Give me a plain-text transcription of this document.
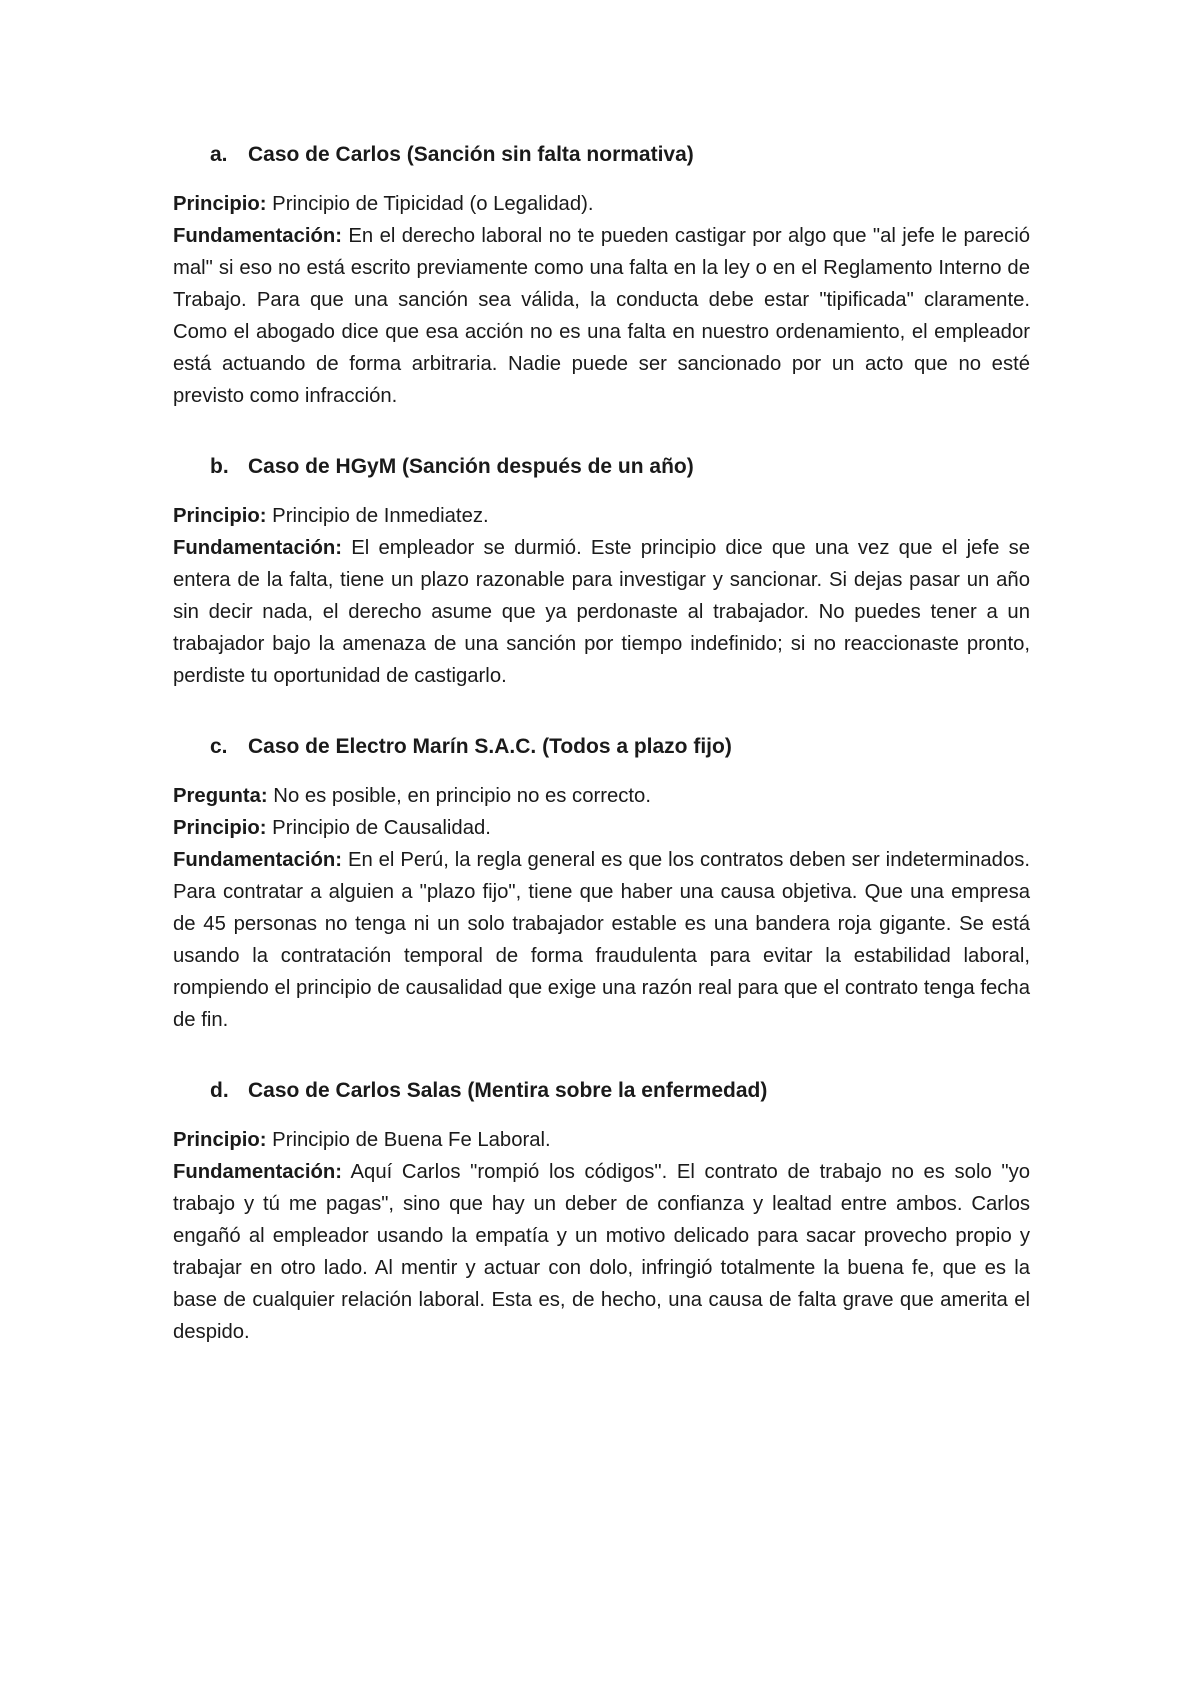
a. Caso de Carlos (Sanción sin falta normativa)

Principio: Principio de Tipicidad (o Legalidad).

Fundamentación: En el derecho laboral no te pueden castigar por algo que "al jefe le pareció mal" si eso no está escrito previamente como una falta en la ley o en el Reglamento Interno de Trabajo. Para que una sanción sea válida, la conducta debe estar "tipificada" claramente. Como el abogado dice que esa acción no es una falta en nuestro ordenamiento, el empleador está actuando de forma arbitraria. Nadie puede ser sancionado por un acto que no esté previsto como infracción.

b. Caso de HGyM (Sanción después de un año)

Principio: Principio de Inmediatez.

Fundamentación: El empleador se durmió. Este principio dice que una vez que el jefe se entera de la falta, tiene un plazo razonable para investigar y sancionar. Si dejas pasar un año sin decir nada, el derecho asume que ya perdonaste al trabajador. No puedes tener a un trabajador bajo la amenaza de una sanción por tiempo indefinido; si no reaccionaste pronto, perdiste tu oportunidad de castigarlo.

c. Caso de Electro Marín S.A.C. (Todos a plazo fijo)

Pregunta: No es posible, en principio no es correcto.

Principio: Principio de Causalidad.

Fundamentación: En el Perú, la regla general es que los contratos deben ser indeterminados. Para contratar a alguien a "plazo fijo", tiene que haber una causa objetiva. Que una empresa de 45 personas no tenga ni un solo trabajador estable es una bandera roja gigante. Se está usando la contratación temporal de forma fraudulenta para evitar la estabilidad laboral, rompiendo el principio de causalidad que exige una razón real para que el contrato tenga fecha de fin.

d. Caso de Carlos Salas (Mentira sobre la enfermedad)

Principio: Principio de Buena Fe Laboral.

Fundamentación: Aquí Carlos "rompió los códigos". El contrato de trabajo no es solo "yo trabajo y tú me pagas", sino que hay un deber de confianza y lealtad entre ambos. Carlos engañó al empleador usando la empatía y un motivo delicado para sacar provecho propio y trabajar en otro lado. Al mentir y actuar con dolo, infringió totalmente la buena fe, que es la base de cualquier relación laboral. Esta es, de hecho, una causa de falta grave que amerita el despido.
